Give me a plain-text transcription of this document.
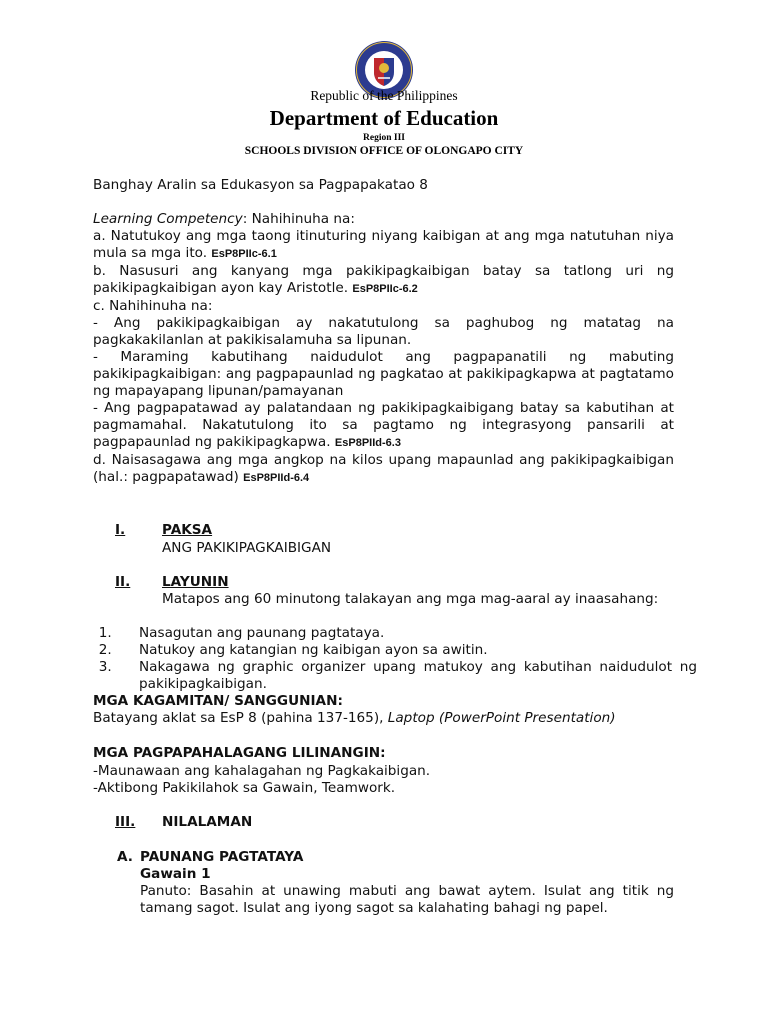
Republic of the Philippines
Department of Education
Region III
SCHOOLS DIVISION OFFICE OF OLONGAPO CITY
Banghay Aralin sa Edukasyon sa Pagpapakatao 8
Learning Competency: Nahihinuha na:
a. Natutukoy ang mga taong itinuturing niyang kaibigan at ang mga natutuhan niya mula sa mga ito. EsP8PIIc-6.1
b. Nasusuri ang kanyang mga pakikipagkaibigan batay sa tatlong uri ng pakikipagkaibigan ayon kay Aristotle. EsP8PIIc-6.2
c. Nahihinuha na:
- Ang pakikipagkaibigan ay nakatutulong sa paghubog ng matatag na pagkakakilanlan at pakikisalamuha sa lipunan.
- Maraming kabutihang naidudulot ang pagpapanatili ng mabuting pakikipagkaibigan: ang pagpapaunlad ng pagkatao at pakikipagkapwa at pagtatamo ng mapayapang lipunan/pamayanan
- Ang pagpapatawad ay palatandaan ng pakikipagkaibigang batay sa kabutihan at pagmamahal. Nakatutulong ito sa pagtamo ng integrasyong pansarili at pagpapaunlad ng pakikipagkapwa. EsP8PIId-6.3
d. Naisasagawa ang mga angkop na kilos upang mapaunlad ang pakikipagkaibigan (hal.: pagpapatawad) EsP8PIId-6.4
I.	PAKSA
ANG PAKIKIPAGKAIBIGAN
II. LAYUNIN
Matapos ang 60 minutong talakayan ang mga mag-aaral ay inaasahang:
1. Nasagutan ang paunang pagtataya.
2. Natukoy ang katangian ng kaibigan ayon sa awitin.
3. Nakagawa ng graphic organizer upang matukoy ang kabutihan naidudulot ng pakikipagkaibigan.
MGA KAGAMITAN/ SANGGUNIAN:
Batayang aklat sa EsP 8 (pahina 137-165), Laptop (PowerPoint Presentation)
MGA PAGPAPAHALAGANG LILINANGIN:
-Maunawaan ang kahalagahan ng Pagkakaibigan.
-Aktibong Pakikilahok sa Gawain, Teamwork.
III. NILALAMAN
A. PAUNANG PAGTATAYA
Gawain 1
Panuto: Basahin at unawing mabuti ang bawat aytem. Isulat ang titik ng tamang sagot. Isulat ang iyong sagot sa kalahating bahagi ng papel.
